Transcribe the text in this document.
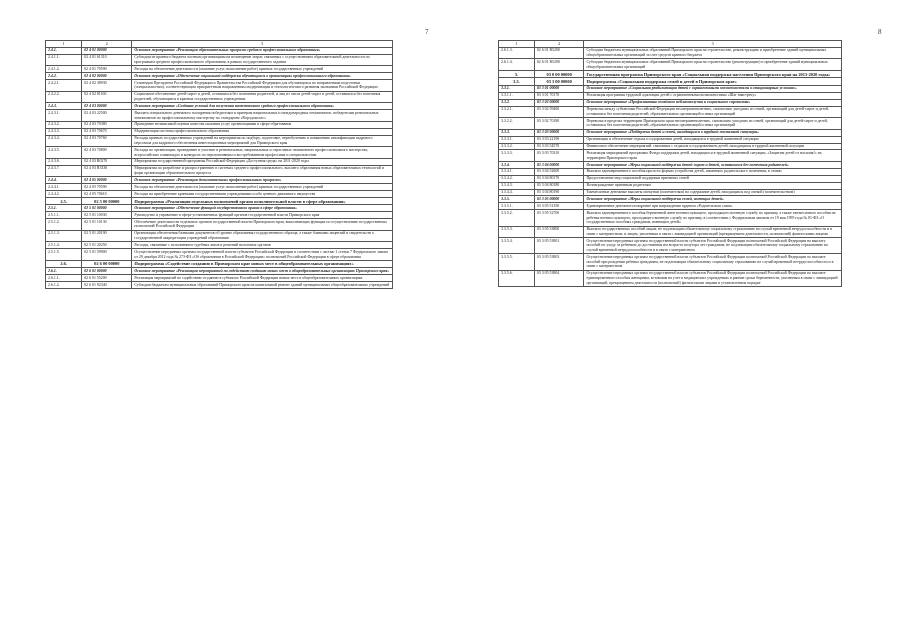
7	8
1	2	3
2.4.1.	02 4 01 00000	Основное мероприятие «Реализация образовательных программ среднего профессионального образования»
2.4.1.1.	02 4 01 61310	Субсидии из краевого бюджета частным организациям на возмещение затрат, связанных с осуществлением образовательной деятельности по программам среднего профессионального образования, в рамках государственного задания
2.4.1.2.	02 4 01 70590	Расходы на обеспечение деятельности (оказание услуг, выполнение работ) краевых государственных учреждений
2.4.2.	02 4 02 00000	Основное мероприятие «Обеспечение социальной поддержки обучающихся в организациях профессионального образования»
2.4.2.1.	02 4 02 38930	Стипендии Президента Российской Федерации и Правительства Российской Федерации для обучающихся по направлениям подготовки (специальностям), соответствующим приоритетным направлениям модернизации и технологического развития экономики Российской Федерации
2.4.2.2.	02 4 02 81160	Социальное обеспечение детей-сирот и детей, оставшихся без попечения родителей, и лиц из числа детей-сирот и детей, оставшихся без попечения родителей, обучающихся в краевых государственных учреждениях
2.4.3.	02 4 03 00000	Основное мероприятие «Создание условий для получения качественного среднего профессионального образования»
2.4.3.1.	02 4 03 22500	Выплата специального денежного поощрения победителям и призерам национальных и международных чемпионатов, победителям региональных чемпионатов по профессиональному мастерству по стандартам «Ворлдскиллс»
2.4.3.2.	02 4 03 70380	Проведение независимой оценки качества оказания услуг организациями в сфере образования
2.4.3.3.	02 4 03 70670	Модернизация системы профессионального образования
2.4.3.4.	02 4 03 70760	Расходы краевых государственных учреждений на мероприятия по подбору, подготовке, переобучению и повышению квалификации кадрового персонала для кадрового обеспечения инвестиционных мероприятий для Приморского края
2.4.3.5.	02 4 03 70800	Расходы по организации, проведению и участию в региональных, национальных и отраслевых чемпионатах профессионального мастерства, всероссийских олимпиадах и конкурсах по перспективным и востребованным профессиям и специальностям
2.4.3.6.	02 4 03 R0270	Мероприятия государственной программы Российской Федерации «Доступная среда» на 2011-2020 годы
2.4.3.7.	02 4 03 R3330	Мероприятия по разработке и распространению в системах среднего профессионального, высшего образования новых образовательных технологий и форм организации образовательного процесса
2.4.4.	02 4 05 00000	Основное мероприятие «Реализация дополнительных профессиональных программ»
2.4.4.1.	02 4 05 70590	Расходы на обеспечение деятельности (оказание услуг, выполнение работ) краевых государственных учреждений
2.4.4.2.	02 4 05 70610	Расходы на приобретение краевыми государственными учреждениями особо ценного движимого имущества
2.5.	02 5 00 00000	Подпрограмма «Реализация отдельных полномочий органа исполнительной власти в сфере образования»
2.5.1.	02 5 01 00000	Основное мероприятие «Обеспечение функций государственного органа в сфере образования»
2.5.1.1.	02 5 01 10030	Руководство и управление в сфере установленных функций органов государственной власти Приморского края
2.5.1.2.	02 5 01 10130	Обеспечение деятельности отдельных органов государственной власти Приморского края, выполняющих функции по осуществлению государственных полномочий Российской Федерации
2.5.1.3.	02 5 01 20190	Организация обеспечения бланками документов об уровне образования государственного образца, а также бланками лицензий и свидетельств о государственной аккредитации учреждений образования
2.5.1.4.	02 5 01 20250	Расходы, связанные с исполнением судебных актов и решений налоговых органов
2.5.1.5.	02 5 01 59900	Осуществление переданных органам государственной власти субъектов Российской Федерации в соответствии с частью 1 статьи 7 Федерального закона от 29 декабря 2012 года № 273-ФЗ «Об образовании в Российской Федерации» полномочий Российской Федерации в сфере образования
2.6.	02 6 00 00000	Подпрограмма «Содействие созданию в Приморском крае новых мест в общеобразовательных организациях»
2.6.1.	02 6 01 00000	Основное мероприятие «Реализация мероприятий по содействию созданию новых мест в общеобразовательных организациях Приморского края»
2.6.1.1.	02 6 01 55200	Реализация мероприятий по содействию созданию в субъектах Российской Федерации новых мест в общеобразовательных организациях
2.6.1.2.	02 6 01 92340	Субсидии бюджетам муниципальных образований Приморского края на капитальный ремонт зданий муниципальных общеобразовательных учреждений
1	2	3
2.6.1.3.	02 6 01 R5200	Субсидии бюджетам муниципальных образований Приморского края на строительство, реконструкцию и приобретение зданий муниципальных общеобразовательных организаций за счет средств краевого бюджета
2.6.1.4.	02 6 01 R5200	Субсидии бюджетам муниципальных образований Приморского края на строительство (реконструкцию) и приобретение зданий муниципальных общеобразовательных организаций
3.	03 0 00 00000	Государственная программа Приморского края «Социальная поддержка населения Приморского края на 2013-2020 годы»
3.3.	03 3 00 00000	Подпрограмма «Социальная поддержка семей и детей в Приморском крае»
3.3.1.	03 3 01 00000	Основное мероприятие «Социальная реабилитация детей с ограниченными возможностями в стационарных условиях»
3.3.1.1.	03 3 01 70170	Реализация программы трудовой адаптации детей с ограниченными возможностями «Шаг навстречу»
3.3.2.	03 3 02 00000	Основное мероприятие «Профилактика семейного неблагополучия и социального сиротства»
3.3.2.1.	03 3 02 59400	Перевозка между субъектами Российской Федерации несовершеннолетних, самовольно ушедших из семей, организаций для детей-сирот и детей, оставшихся без попечения родителей, образовательных организаций и иных организаций
3.3.2.2.	03 3 02 70180	Перевозка в пределах территории Приморского края несовершеннолетних, самовольно ушедших из семей, организаций для детей-сирот и детей, оставшихся без попечения родителей, образовательных организаций и иных организаций
3.3.3.	03 3 03 00000	Основное мероприятие «Поддержка детей и семей, находящихся в трудной жизненной ситуации»
3.3.3.1.	03 3 03 22190	Организация и обеспечение отдыха и оздоровления детей, находящихся в трудной жизненной ситуации
3.3.3.2.	03 3 03 54570	Финансовое обеспечение мероприятий, связанных с отдыхом и оздоровлением детей, находящихся в трудной жизненной ситуации
3.3.3.3.	03 3 03 70310	Реализация мероприятий программы Фонда поддержки детей, находящихся в трудной жизненной ситуации, «Защитим детей от насилия!» на территории Приморского края
3.3.4.	03 3 04 00000	Основное мероприятие «Меры социальной поддержки детей-сирот и детей, оставшихся без попечения родителей»
3.3.4.1.	03 3 04 52600	Выплата единовременного пособия при всех формах устройства детей, лишенных родительского попечения, в семью
3.3.4.2.	03 3 04 80170	Предоставление мер социальной поддержки приемных семей
3.3.4.3.	03 3 04 80180	Вознаграждение приемным родителям
3.3.4.4.	03 3 04 80190	Ежемесячные денежные выплаты опекунам (попечителям) на содержание детей, находящихся под опекой (попечительством)
3.3.5.	03 3 05 00000	Основное мероприятие «Меры социальной поддержки семей, имеющих детей»
3.3.5.1.	03 3 05 51350	Единовременное денежное поощрение при награждении орденом «Родительская слава»
3.3.5.2.	03 3 05 52700	Выплата единовременного пособия беременной жене военнослужащего, проходящего военную службу по призыву, а также ежемесячного пособия на ребенка военнослужащего, проходящего военную службу по призыву, в соответствии с Федеральным законом от 19 мая 1995 года № 81-ФЗ «О государственных пособиях гражданам, имеющим детей»
3.3.5.3.	03 3 05 53800	Выплата государственных пособий лицам, не подлежащим обязательному социальному страхованию на случай временной нетрудоспособности и в связи с материнством, и лицам, уволенным в связи с ликвидацией организаций (прекращением деятельности, полномочий) физическими лицами
3.3.5.4.	03 3 05 53801	Осуществление переданных органам государственной власти субъектов Российской Федерации полномочий Российской Федерации на выплату пособий по уходу за ребенком до достижения им возраста полутора лет гражданам, не подлежащим обязательному социальному страхованию на случай временной нетрудоспособности и в связи с материнством
3.3.5.5.	03 3 05 53803	Осуществление переданных органам государственной власти субъектов Российской Федерации полномочий Российской Федерации по выплате пособий при рождении ребенка гражданам, не подлежащим обязательному социальному страхованию на случай временной нетрудоспособности и в связи с материнством
3.3.5.6.	03 3 05 53804	Осуществление переданных органам государственной власти субъектов Российской Федерации полномочий Российской Федерации по выплате единовременного пособия женщинам, вставшим на учет в медицинских учреждениях в ранние сроки беременности, уволенным в связи с ликвидацией организаций, прекращением деятельности (полномочий) физическими лицами в установленном порядке
